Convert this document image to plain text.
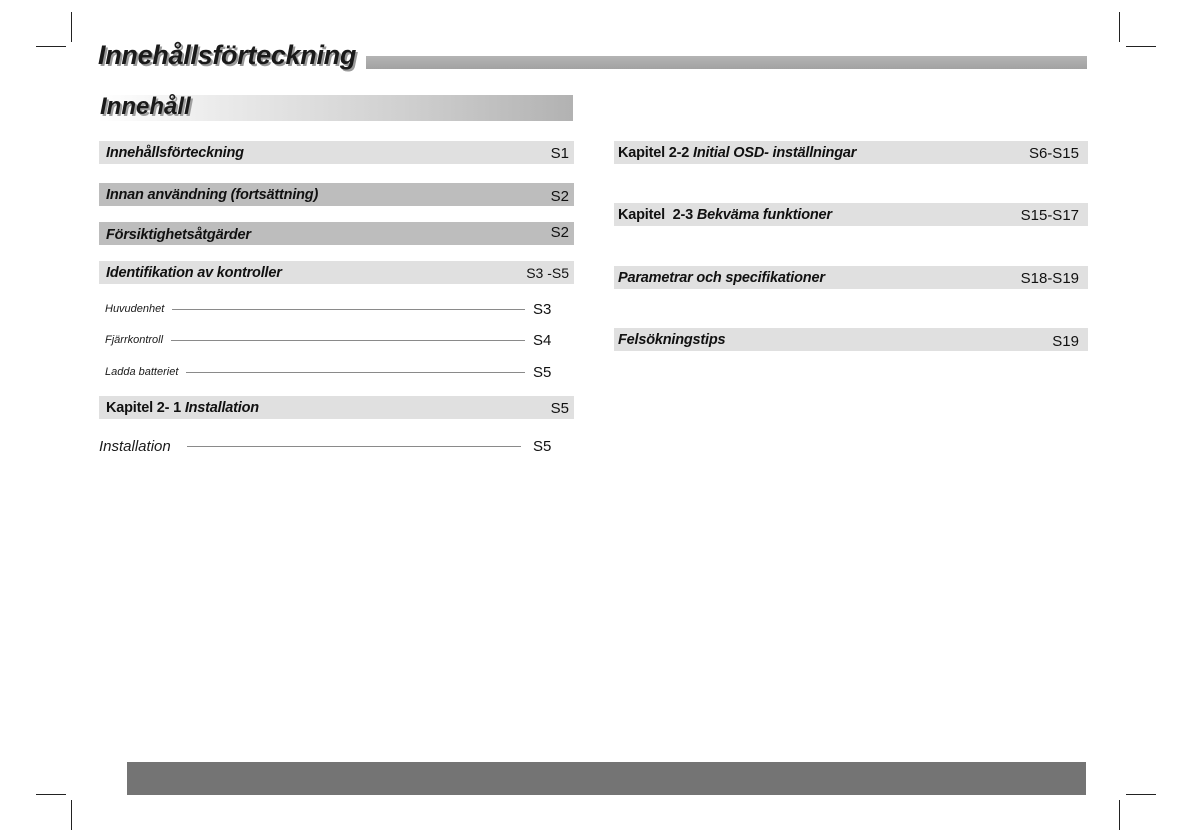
Innehållsförteckning
Innehåll
Innehållsförteckning	S1
Innan användning (fortsättning)	S2
Försiktighetsåtgärder	S2
Identifikation av kontroller	S3 -S5
Huvudenhet	S3
Fjärrkontroll	S4
Ladda batteriet	S5
Kapitel 2- 1 Installation	S5
Installation	S5
Kapitel 2-2 Initial OSD- inställningar	S6-S15
Kapitel  2-3 Bekväma funktioner	S15-S17
Parametrar och specifikationer	S18-S19
Felsökningstips	S19
